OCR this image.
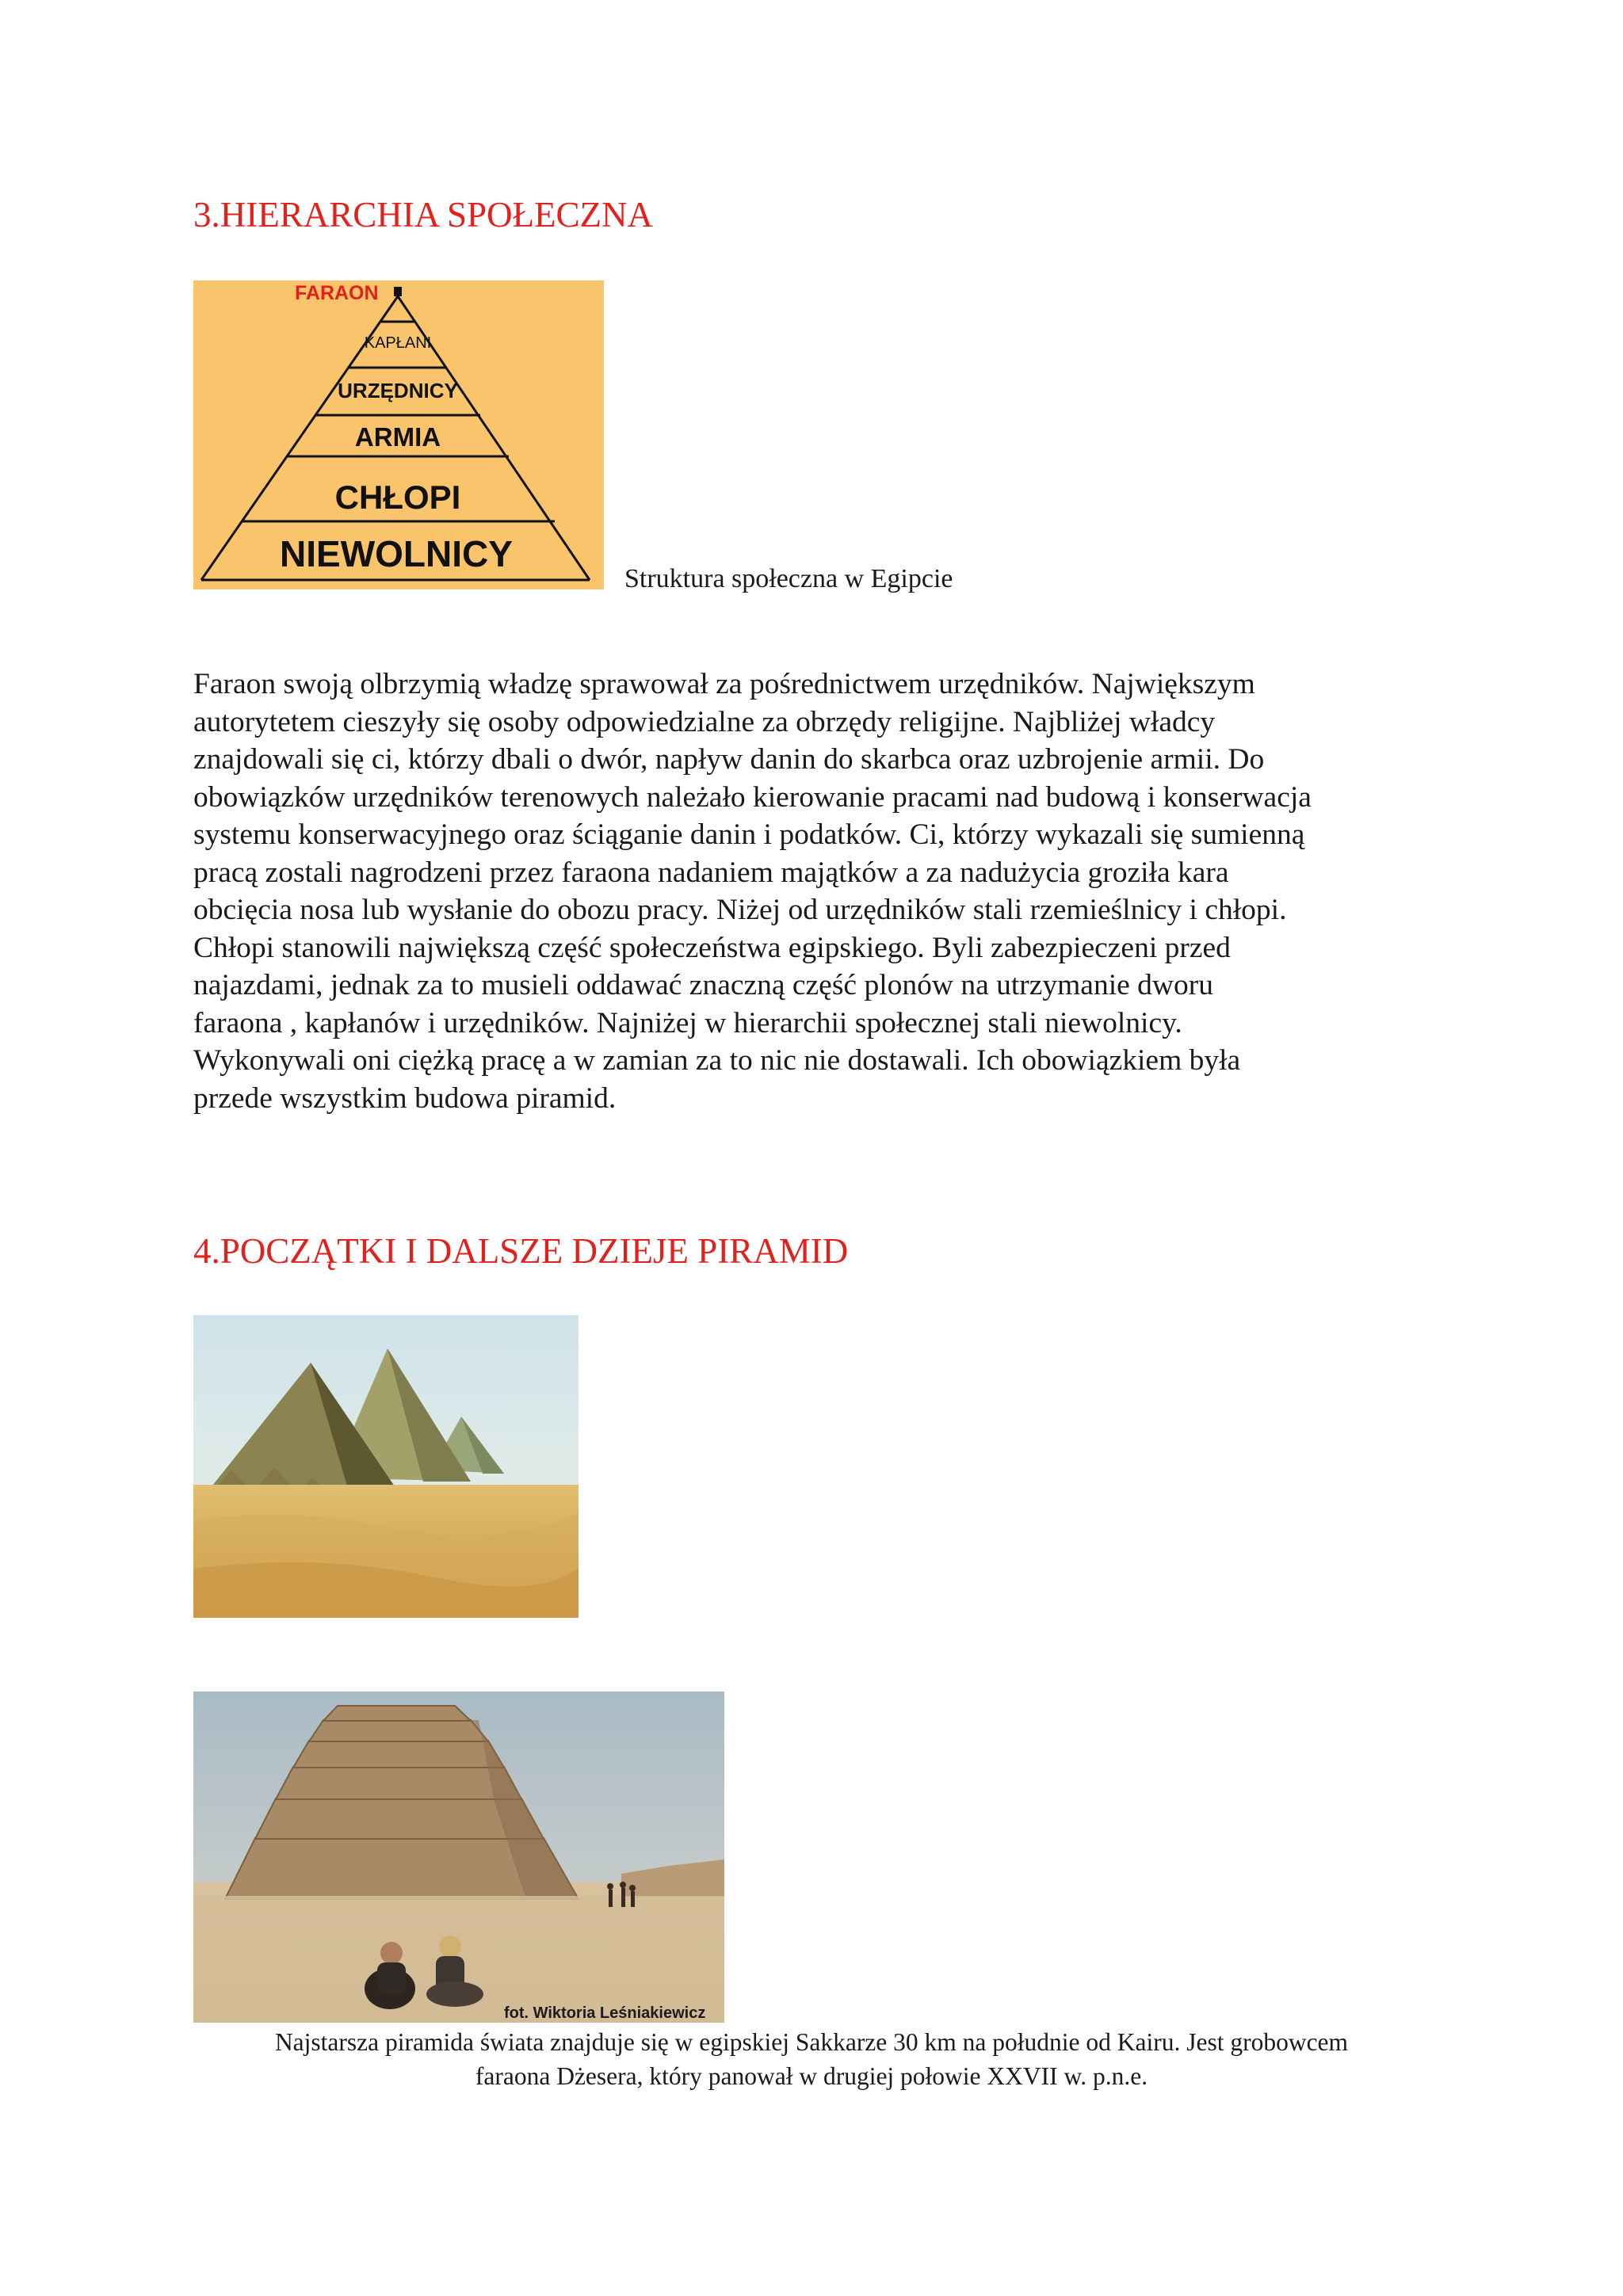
3.HIERARCHIA SPOŁECZNA
FARAON
KAPŁANI
URZĘDNICY
ARMIA
CHŁOPI
NIEWOLNICY
Struktura społeczna w Egipcie

Faraon swoją olbrzymią władzę sprawował za pośrednictwem urzędników. Największym

autorytetem cieszyły się osoby odpowiedzialne za obrzędy religijne. Najbliżej władcy

znajdowali się ci, którzy dbali o dwór, napływ danin do skarbca oraz uzbrojenie armii. Do

obowiązków urzędników terenowych należało kierowanie pracami nad budową i konserwacja

systemu konserwacyjnego oraz ściąganie danin i podatków. Ci, którzy wykazali się sumienną

pracą zostali nagrodzeni przez faraona nadaniem majątków a za nadużycia groziła kara

obcięcia nosa lub wysłanie do obozu pracy. Niżej od urzędników stali rzemieślnicy i chłopi.

Chłopi stanowili największą część społeczeństwa egipskiego. Byli zabezpieczeni przed

najazdami, jednak za to musieli oddawać znaczną część plonów na utrzymanie dworu

faraona , kapłanów i urzędników. Najniżej w hierarchii społecznej stali niewolnicy.

Wykonywali oni ciężką pracę a w zamian za to nic nie dostawali. Ich obowiązkiem była

przede wszystkim budowa piramid.

4.POCZĄTKI I DALSZE DZIEJE PIRAMID
fot. Wiktoria Leśniakiewicz

Najstarsza piramida świata znajduje się w egipskiej Sakkarze 30 km na południe od Kairu. Jest grobowcem

faraona Dżesera, który panował w drugiej połowie XXVII w. p.n.e.
